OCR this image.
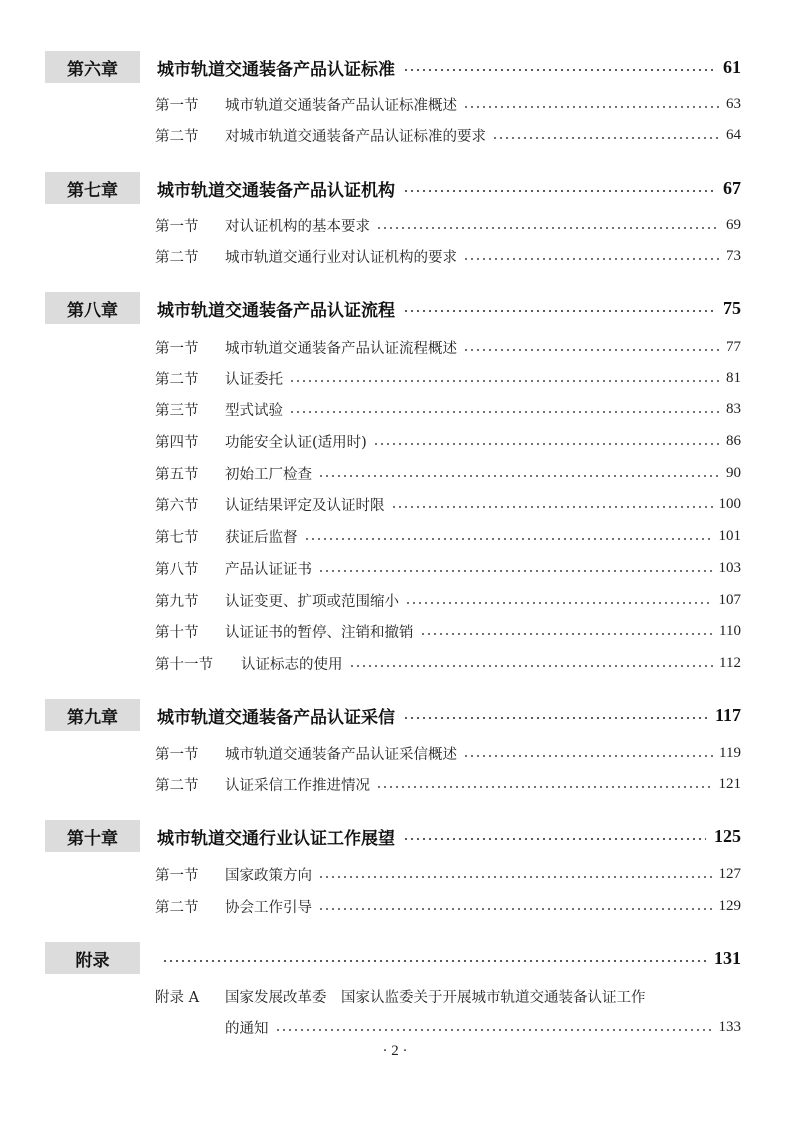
第六章	城市轨道交通装备产品认证标准	61
第一节	城市轨道交通装备产品认证标准概述	63
第二节	对城市轨道交通装备产品认证标准的要求	64
第七章	城市轨道交通装备产品认证机构	67
第一节	对认证机构的基本要求	69
第二节	城市轨道交通行业对认证机构的要求	73
第八章	城市轨道交通装备产品认证流程	75
第一节	城市轨道交通装备产品认证流程概述	77
第二节	认证委托	81
第三节	型式试验	83
第四节	功能安全认证(适用时)	86
第五节	初始工厂检查	90
第六节	认证结果评定及认证时限	100
第七节	获证后监督	101
第八节	产品认证证书	103
第九节	认证变更、扩项或范围缩小	107
第十节	认证证书的暂停、注销和撤销	110
第十一节	认证标志的使用	112
第九章	城市轨道交通装备产品认证采信	117
第一节	城市轨道交通装备产品认证采信概述	119
第二节	认证采信工作推进情况	121
第十章	城市轨道交通行业认证工作展望	125
第一节	国家政策方向	127
第二节	协会工作引导	129
附录	131
附录 A	国家发展改革委　国家认监委关于开展城市轨道交通装备认证工作
的通知	133
· 2 ·
